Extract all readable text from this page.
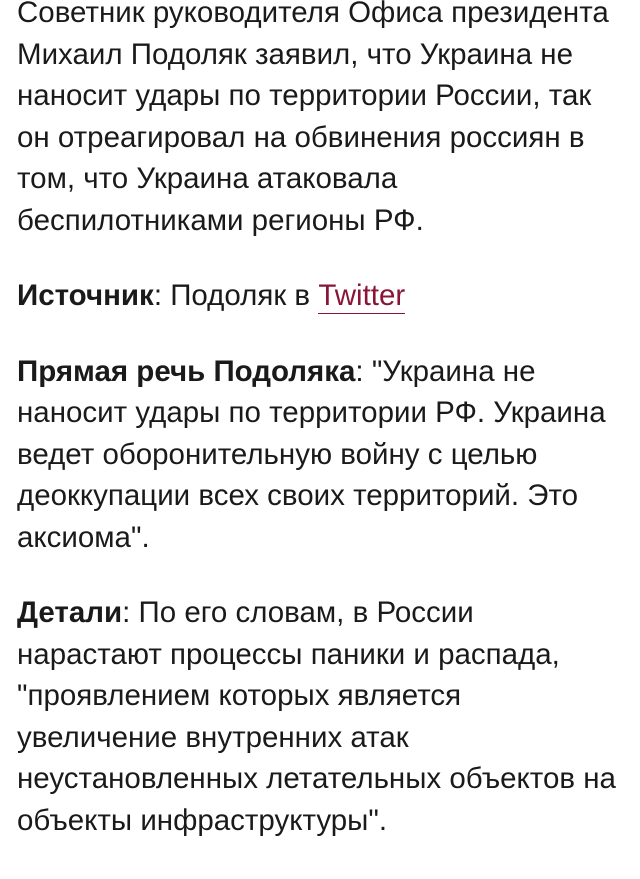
Советник руководителя Офиса президента Михаил Подоляк заявил, что Украина не наносит удары по территории России, так он отреагировал на обвинения россиян в том, что Украина атаковала беспилотниками регионы РФ.

Источник: Подоляк в Twitter

Прямая речь Подоляка: "Украина не наносит удары по территории РФ. Украина ведет оборонительную войну с целью деоккупации всех своих территорий. Это аксиома".

Детали: По его словам, в России нарастают процессы паники и распада, "проявлением которых является увеличение внутренних атак неустановленных летательных объектов на объекты инфраструктуры".
